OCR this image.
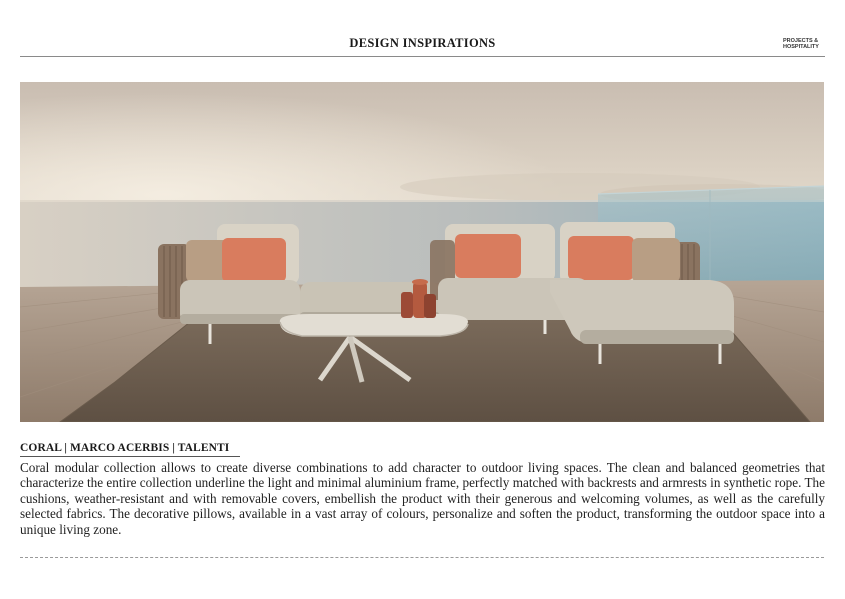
DESIGN INSPIRATIONS	PROJECTS &
HOSPITALITY
CORAL | MARCO ACERBIS | TALENTI

Coral modular collection allows to create diverse combinations to add character to outdoor living spaces. The clean and balanced geometries that characterize the entire collection underline the light and minimal aluminium frame, perfectly matched with backrests and armrests in synthetic rope. The cushions, weather-resistant and with removable covers, embellish the product with their generous and welcoming volumes, as well as the carefully selected fabrics. The decorative pillows, available in a vast array of colours, personalize and soften the product, transforming the outdoor space into a unique living zone.
